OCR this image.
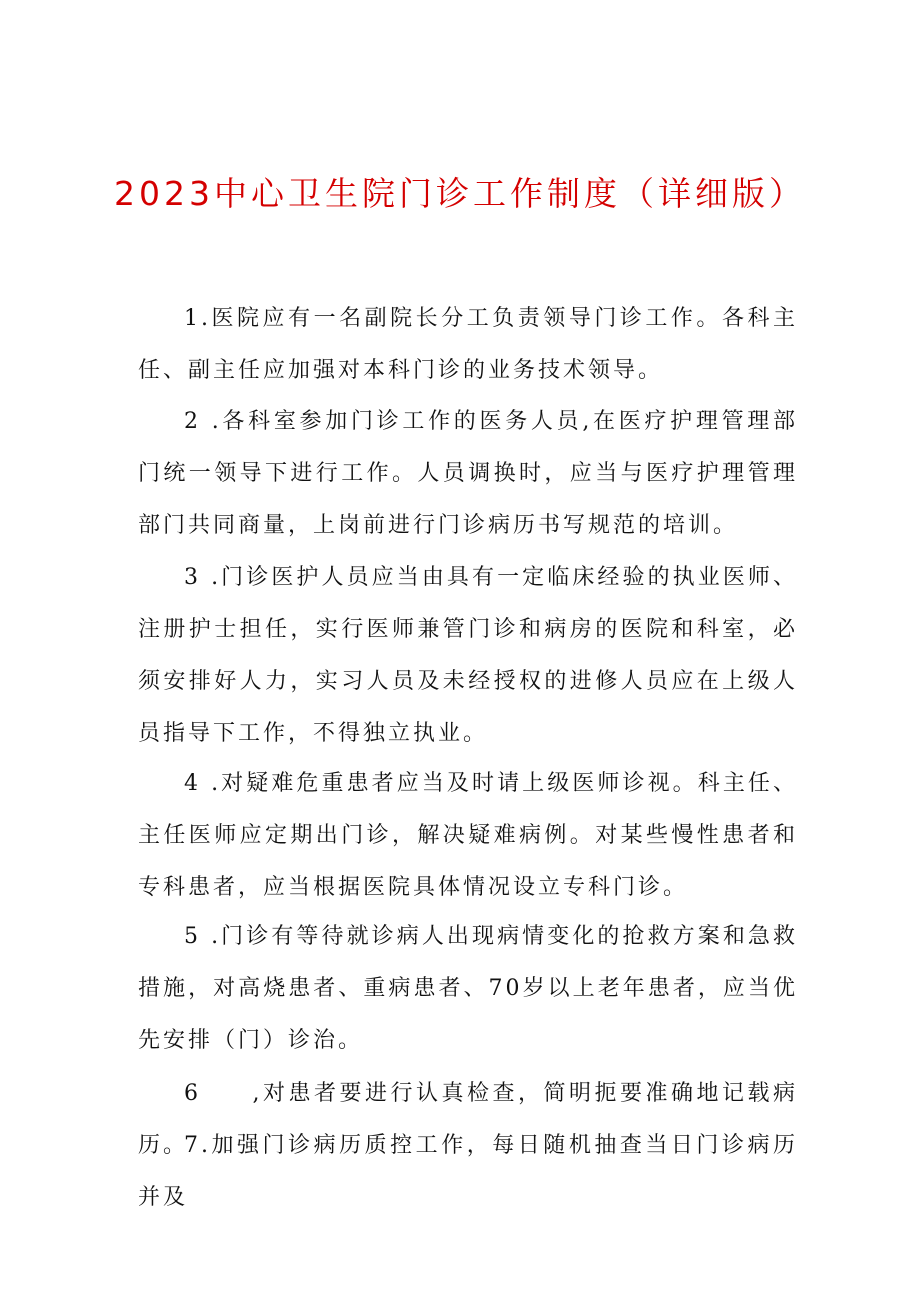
2023中心卫生院门诊工作制度（详细版）

1.医院应有一名副院长分工负责领导门诊工作。各科主任、副主任应加强对本科门诊的业务技术领导。

2 .各科室参加门诊工作的医务人员,在医疗护理管理部门统一领导下进行工作。人员调换时，应当与医疗护理管理部门共同商量，上岗前进行门诊病历书写规范的培训。

3 .门诊医护人员应当由具有一定临床经验的执业医师、注册护士担任，实行医师兼管门诊和病房的医院和科室，必须安排好人力，实习人员及未经授权的进修人员应在上级人员指导下工作，不得独立执业。

4 .对疑难危重患者应当及时请上级医师诊视。科主任、主任医师应定期出门诊，解决疑难病例。对某些慢性患者和专科患者，应当根据医院具体情况设立专科门诊。

5 .门诊有等待就诊病人出现病情变化的抢救方案和急救措施，对高烧患者、重病患者、70岁以上老年患者，应当优先安排（门）诊治。

6　　,对患者要进行认真检查，简明扼要准确地记载病历。

7.加强门诊病历质控工作，每日随机抽查当日门诊病历并及
